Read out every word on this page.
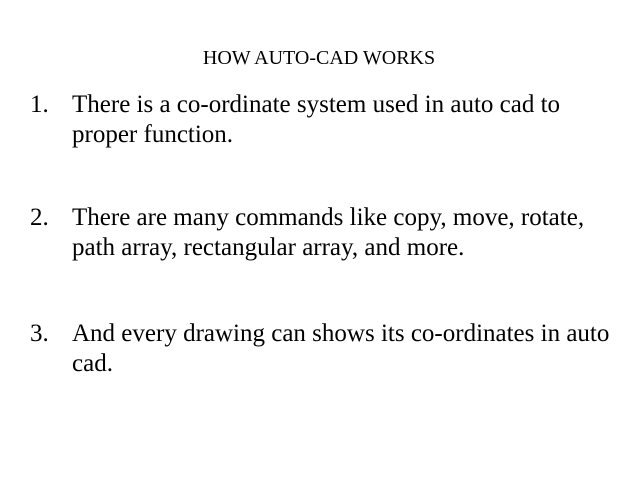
HOW AUTO-CAD WORKS
1. There is a co-ordinate system used in auto cad to proper function.
2. There are many commands like copy, move, rotate, path array, rectangular array, and more.
3. And every drawing can shows its co-ordinates in auto cad.
